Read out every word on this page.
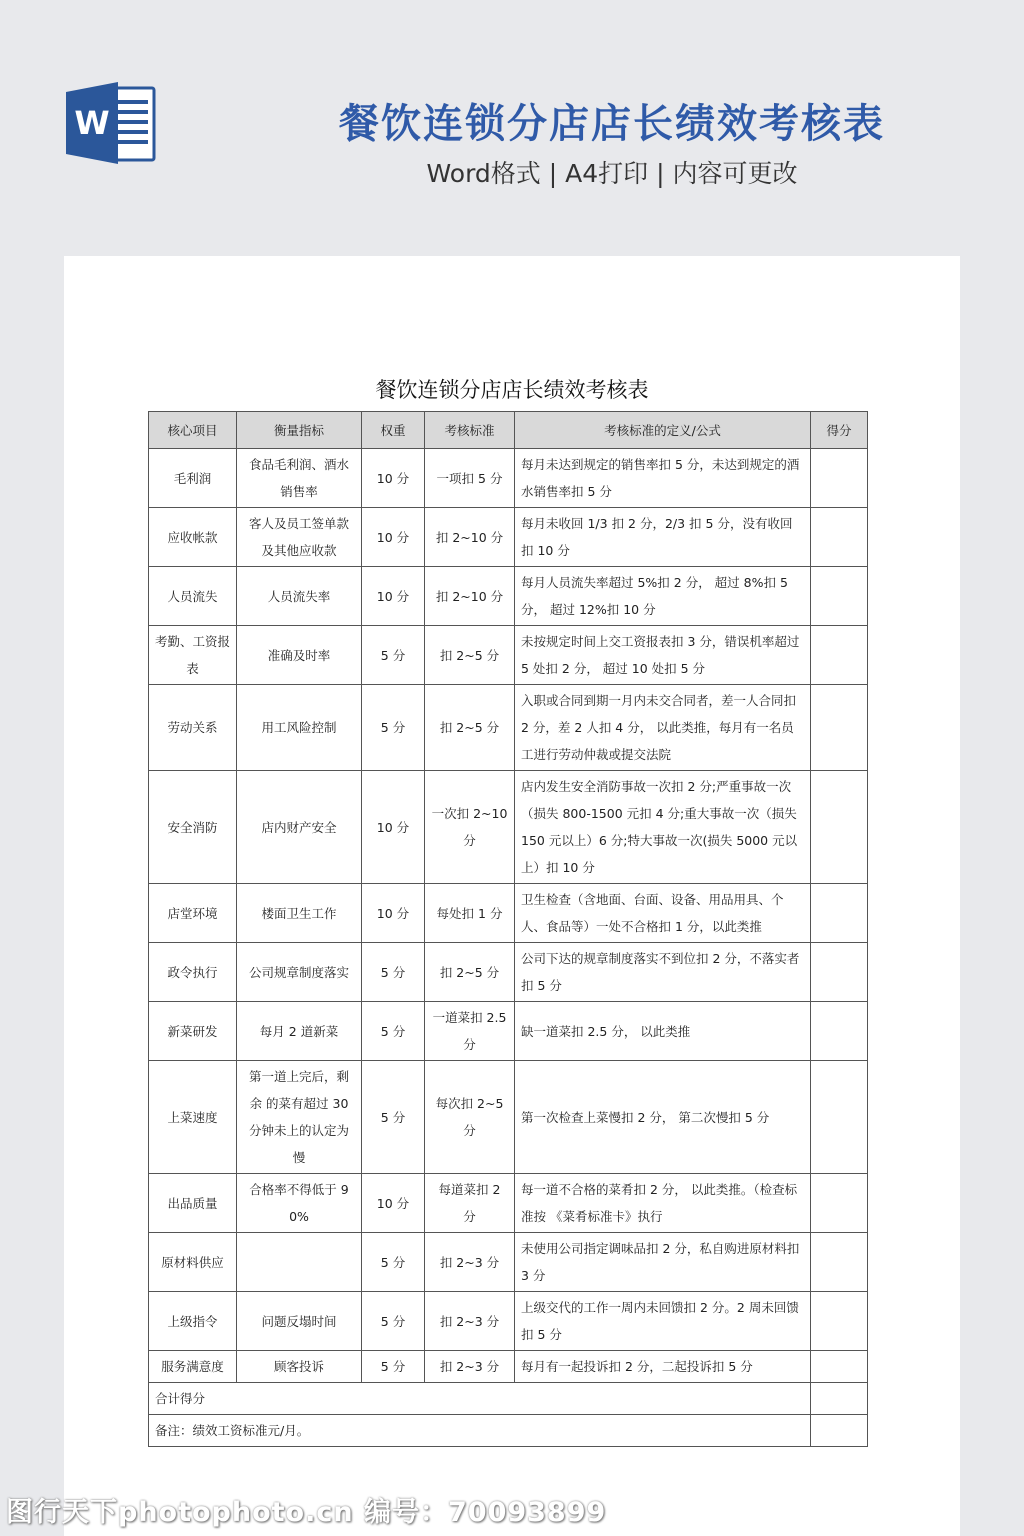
W	餐饮连锁分店店长绩效考核表
Word格式 | A4打印 | 内容可更改
餐饮连锁分店店长绩效考核表
核心项目	衡量指标	权重	考核标准	考核标准的定义/公式	得分
毛利润	食品毛利润、酒水销售率	10 分	一项扣 5 分	每月未达到规定的销售率扣 5 分，未达到规定的酒水销售率扣 5 分	
应收帐款	客人及员工签单款及其他应收款	10 分	扣 2~10 分	每月未收回 1/3 扣 2 分，2/3 扣 5 分，没有收回扣 10 分	
人员流失	人员流失率	10 分	扣 2~10 分	每月人员流失率超过 5%扣 2 分， 超过 8%扣 5 分， 超过 12%扣 10 分	
考勤、工资报表	准确及时率	5 分	扣 2~5 分	未按规定时间上交工资报表扣 3 分，错误机率超过 5 处扣 2 分， 超过 10 处扣 5 分	
劳动关系	用工风险控制	5 分	扣 2~5 分	入职或合同到期一月内未交合同者，差一人合同扣 2 分，差 2 人扣 4 分， 以此类推，每月有一名员工进行劳动仲裁或提交法院	
安全消防	店内财产安全	10 分	一次扣 2~10 分	店内发生安全消防事故一次扣 2 分;严重事故一次（损失 800-1500 元扣 4 分;重大事故一次（损失 150 元以上）6 分;特大事故一次(损失 5000 元以上）扣 10 分	
店堂环境	楼面卫生工作	10 分	每处扣 1 分	卫生检查（含地面、台面、设备、用品用具、个人、食品等）一处不合格扣 1 分，以此类推	
政令执行	公司规章制度落实	5 分	扣 2~5 分	公司下达的规章制度落实不到位扣 2 分，不落实者扣 5 分	
新菜研发	每月 2 道新菜	5 分	一道菜扣 2.5 分	缺一道菜扣 2.5 分， 以此类推	
上菜速度	第一道上完后，剩余 的菜有超过 30 分钟未上的认定为慢	5 分	每次扣 2~5 分	第一次检查上菜慢扣 2 分， 第二次慢扣 5 分	
出品质量	合格率不得低于 90%	10 分	每道菜扣 2 分	每一道不合格的菜肴扣 2 分， 以此类推。（检查标准按 《菜肴标准卡》执行	
原材料供应		5 分	扣 2~3 分	未使用公司指定调味品扣 2 分，私自购进原材料扣 3 分	
上级指令	问题反塌时间	5 分	扣 2~3 分	上级交代的工作一周内未回馈扣 2 分。2 周未回馈扣 5 分	
服务满意度	顾客投诉	5 分	扣 2~3 分	每月有一起投诉扣 2 分，二起投诉扣 5 分	
合计得分					
备注：绩效工资标准元/月。					
图行天下photophoto.cn 编号：70093899
